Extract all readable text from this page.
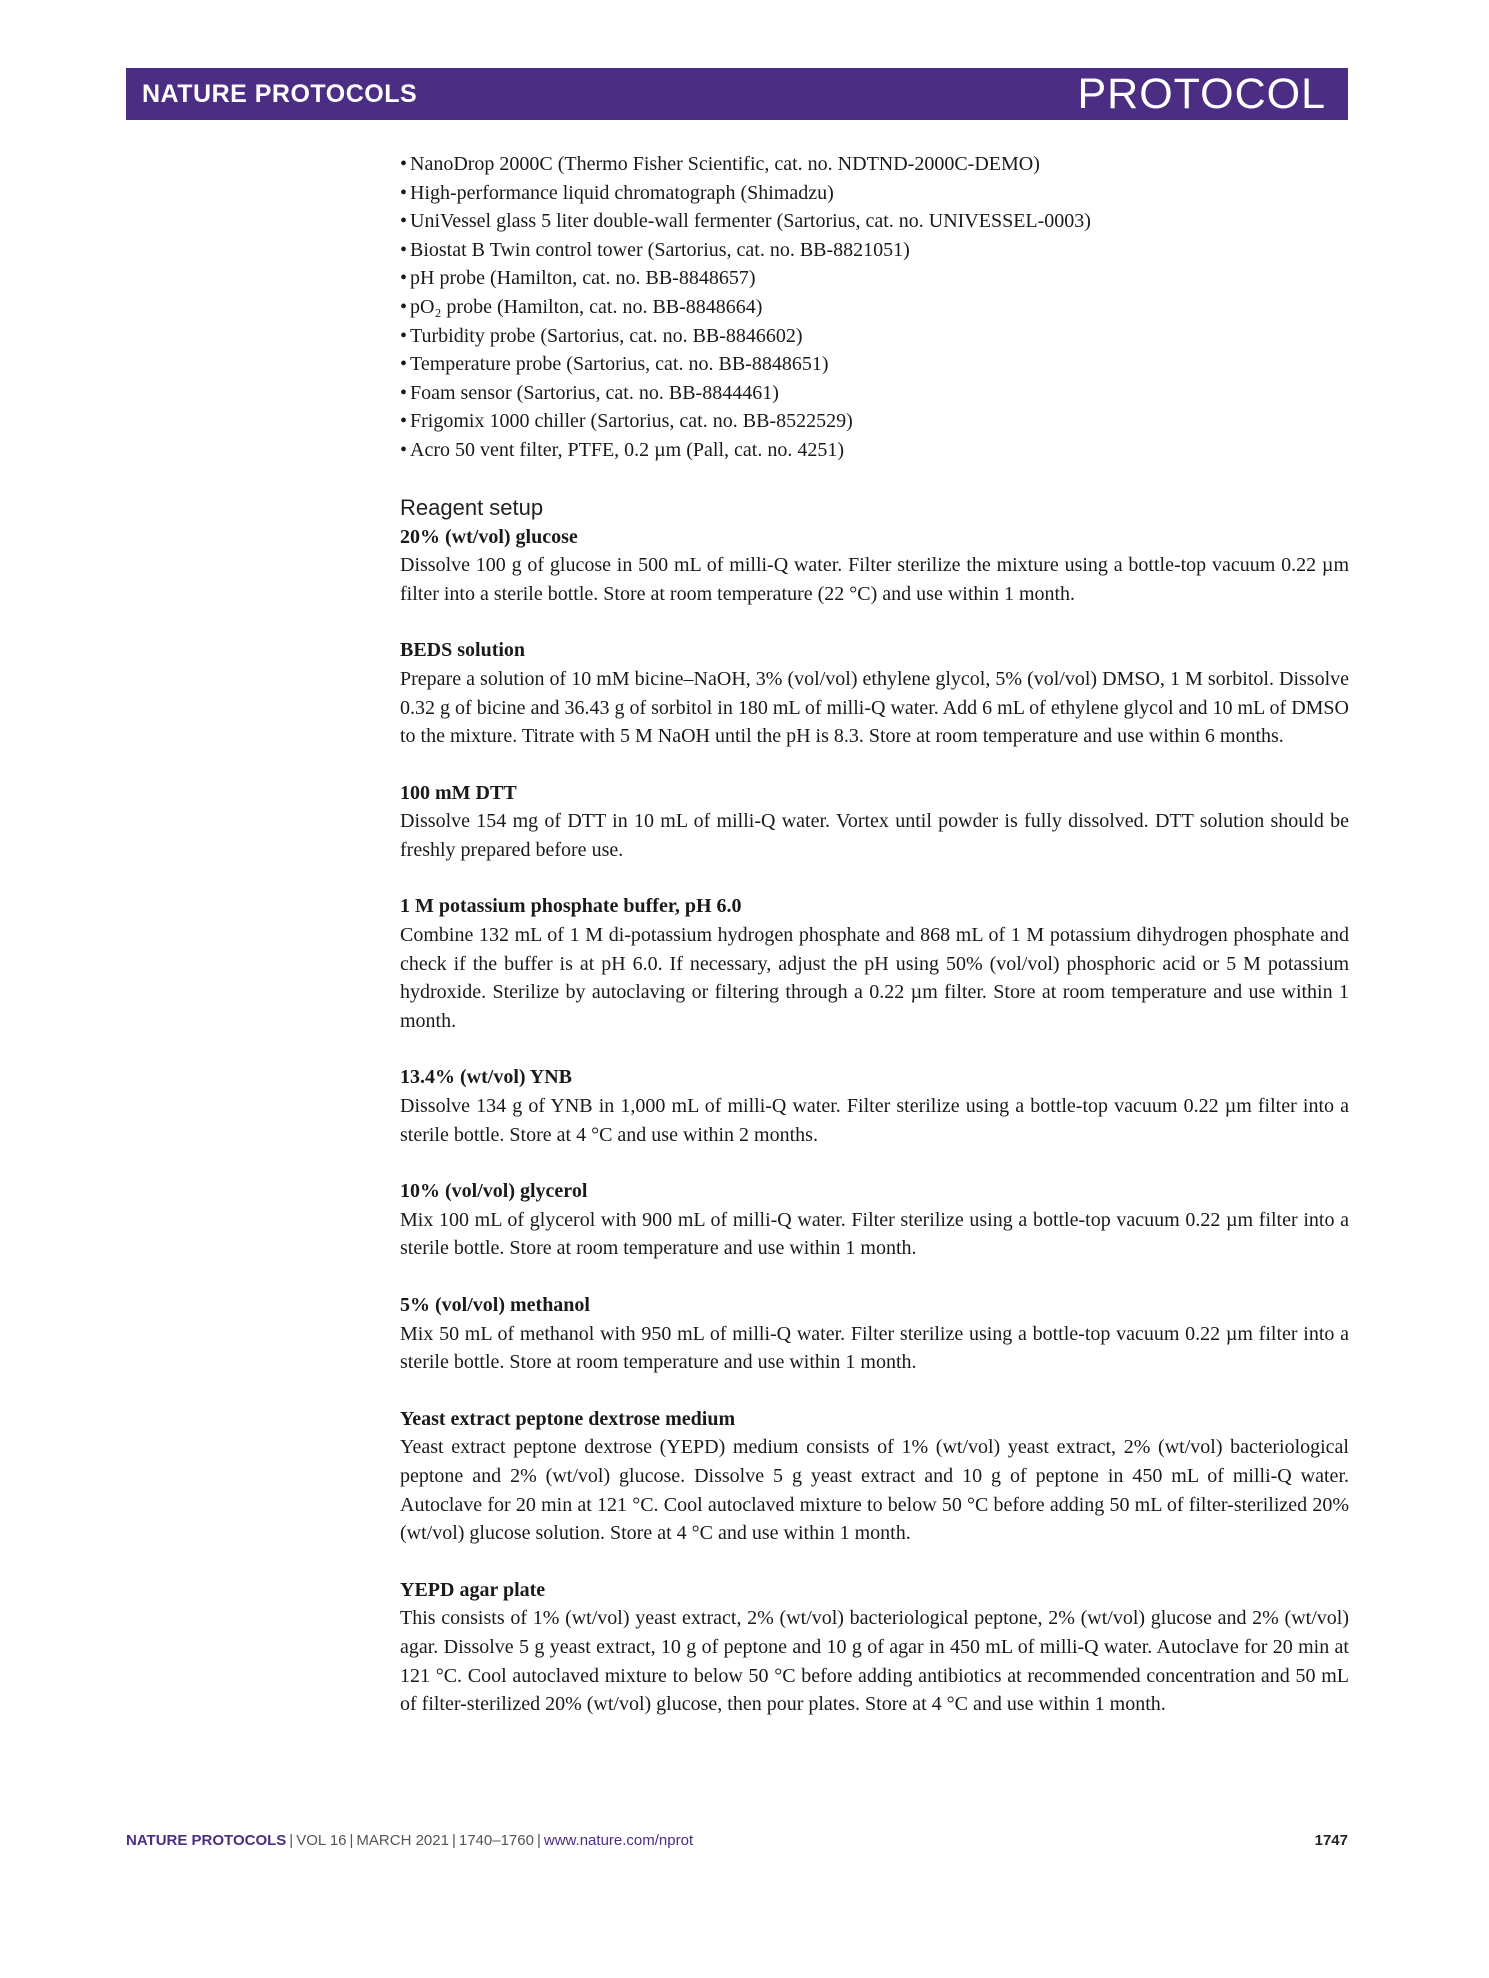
NATURE PROTOCOLS	PROTOCOL
• NanoDrop 2000C (Thermo Fisher Scientific, cat. no. NDTND-2000C-DEMO)
• High-performance liquid chromatograph (Shimadzu)
• UniVessel glass 5 liter double-wall fermenter (Sartorius, cat. no. UNIVESSEL-0003)
• Biostat B Twin control tower (Sartorius, cat. no. BB-8821051)
• pH probe (Hamilton, cat. no. BB-8848657)
• pO₂ probe (Hamilton, cat. no. BB-8848664)
• Turbidity probe (Sartorius, cat. no. BB-8846602)
• Temperature probe (Sartorius, cat. no. BB-8848651)
• Foam sensor (Sartorius, cat. no. BB-8844461)
• Frigomix 1000 chiller (Sartorius, cat. no. BB-8522529)
• Acro 50 vent filter, PTFE, 0.2 µm (Pall, cat. no. 4251)
Reagent setup
20% (wt/vol) glucose

Dissolve 100 g of glucose in 500 mL of milli-Q water. Filter sterilize the mixture using a bottle-top vacuum 0.22 µm filter into a sterile bottle. Store at room temperature (22 °C) and use within 1 month.

BEDS solution

Prepare a solution of 10 mM bicine–NaOH, 3% (vol/vol) ethylene glycol, 5% (vol/vol) DMSO, 1 M sorbitol. Dissolve 0.32 g of bicine and 36.43 g of sorbitol in 180 mL of milli-Q water. Add 6 mL of ethylene glycol and 10 mL of DMSO to the mixture. Titrate with 5 M NaOH until the pH is 8.3. Store at room temperature and use within 6 months.

100 mM DTT

Dissolve 154 mg of DTT in 10 mL of milli-Q water. Vortex until powder is fully dissolved. DTT solution should be freshly prepared before use.

1 M potassium phosphate buffer, pH 6.0

Combine 132 mL of 1 M di-potassium hydrogen phosphate and 868 mL of 1 M potassium dihydrogen phosphate and check if the buffer is at pH 6.0. If necessary, adjust the pH using 50% (vol/vol) phosphoric acid or 5 M potassium hydroxide. Sterilize by autoclaving or filtering through a 0.22 µm filter. Store at room temperature and use within 1 month.

13.4% (wt/vol) YNB

Dissolve 134 g of YNB in 1,000 mL of milli-Q water. Filter sterilize using a bottle-top vacuum 0.22 µm filter into a sterile bottle. Store at 4 °C and use within 2 months.

10% (vol/vol) glycerol

Mix 100 mL of glycerol with 900 mL of milli-Q water. Filter sterilize using a bottle-top vacuum 0.22 µm filter into a sterile bottle. Store at room temperature and use within 1 month.

5% (vol/vol) methanol

Mix 50 mL of methanol with 950 mL of milli-Q water. Filter sterilize using a bottle-top vacuum 0.22 µm filter into a sterile bottle. Store at room temperature and use within 1 month.

Yeast extract peptone dextrose medium

Yeast extract peptone dextrose (YEPD) medium consists of 1% (wt/vol) yeast extract, 2% (wt/vol) bacteriological peptone and 2% (wt/vol) glucose. Dissolve 5 g yeast extract and 10 g of peptone in 450 mL of milli-Q water. Autoclave for 20 min at 121 °C. Cool autoclaved mixture to below 50 °C before adding 50 mL of filter-sterilized 20% (wt/vol) glucose solution. Store at 4 °C and use within 1 month.

YEPD agar plate

This consists of 1% (wt/vol) yeast extract, 2% (wt/vol) bacteriological peptone, 2% (wt/vol) glucose and 2% (wt/vol) agar. Dissolve 5 g yeast extract, 10 g of peptone and 10 g of agar in 450 mL of milli-Q water. Autoclave for 20 min at 121 °C. Cool autoclaved mixture to below 50 °C before adding antibiotics at recommended concentration and 50 mL of filter-sterilized 20% (wt/vol) glucose, then pour plates. Store at 4 °C and use within 1 month.

NATURE PROTOCOLS | VOL 16 | MARCH 2021 | 1740–1760 | www.nature.com/nprot	1747
